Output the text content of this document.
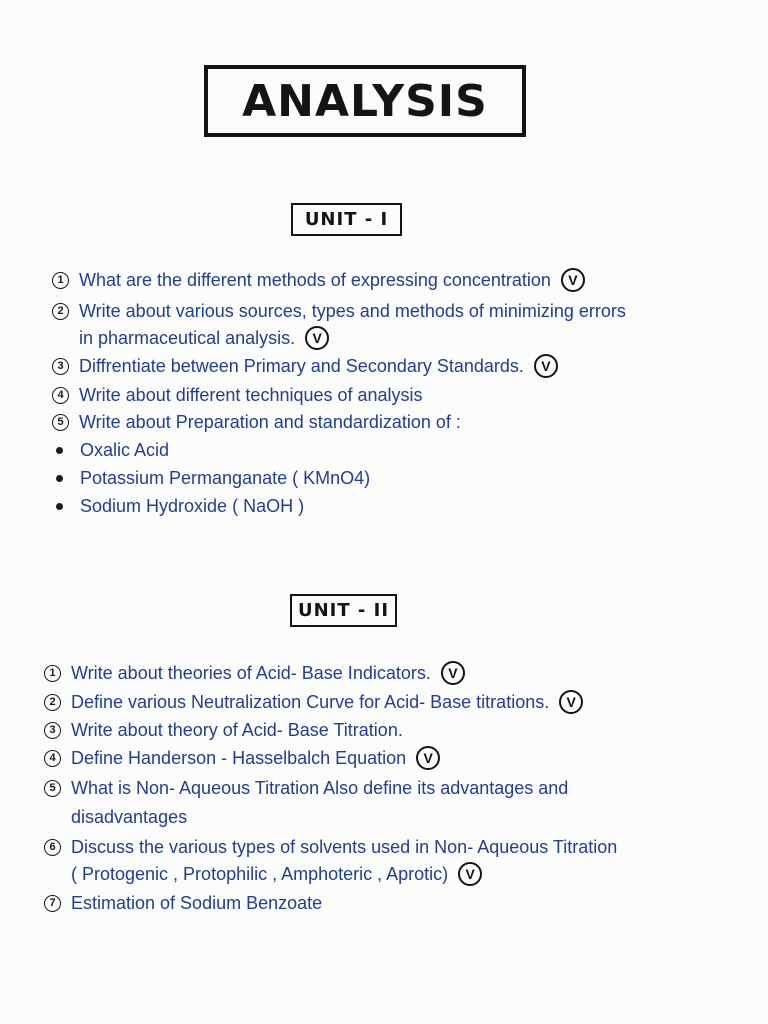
ANALYSIS
UNIT - I
1 What are the different methods of expressing concentration	V
2 Write about various sources, types and methods of minimizing errors
in pharmaceutical analysis.	V
3 Diffrentiate between Primary and Secondary Standards.	V
4 Write about different techniques of analysis
5 Write about Preparation and standardization of :
Oxalic Acid
Potassium Permanganate ( KMnO4)
Sodium Hydroxide ( NaOH )
UNIT - II
1 Write about theories of Acid- Base Indicators.	V
2 Define various Neutralization Curve for Acid- Base titrations.	V
3 Write about theory of Acid- Base Titration.
4 Define Handerson - Hasselbalch Equation	V
5 What is Non- Aqueous Titration Also define its advantages and
disadvantages
6 Discuss the various types of solvents used in Non- Aqueous Titration
( Protogenic , Protophilic , Amphoteric , Aprotic)	V
7 Estimation of Sodium Benzoate
